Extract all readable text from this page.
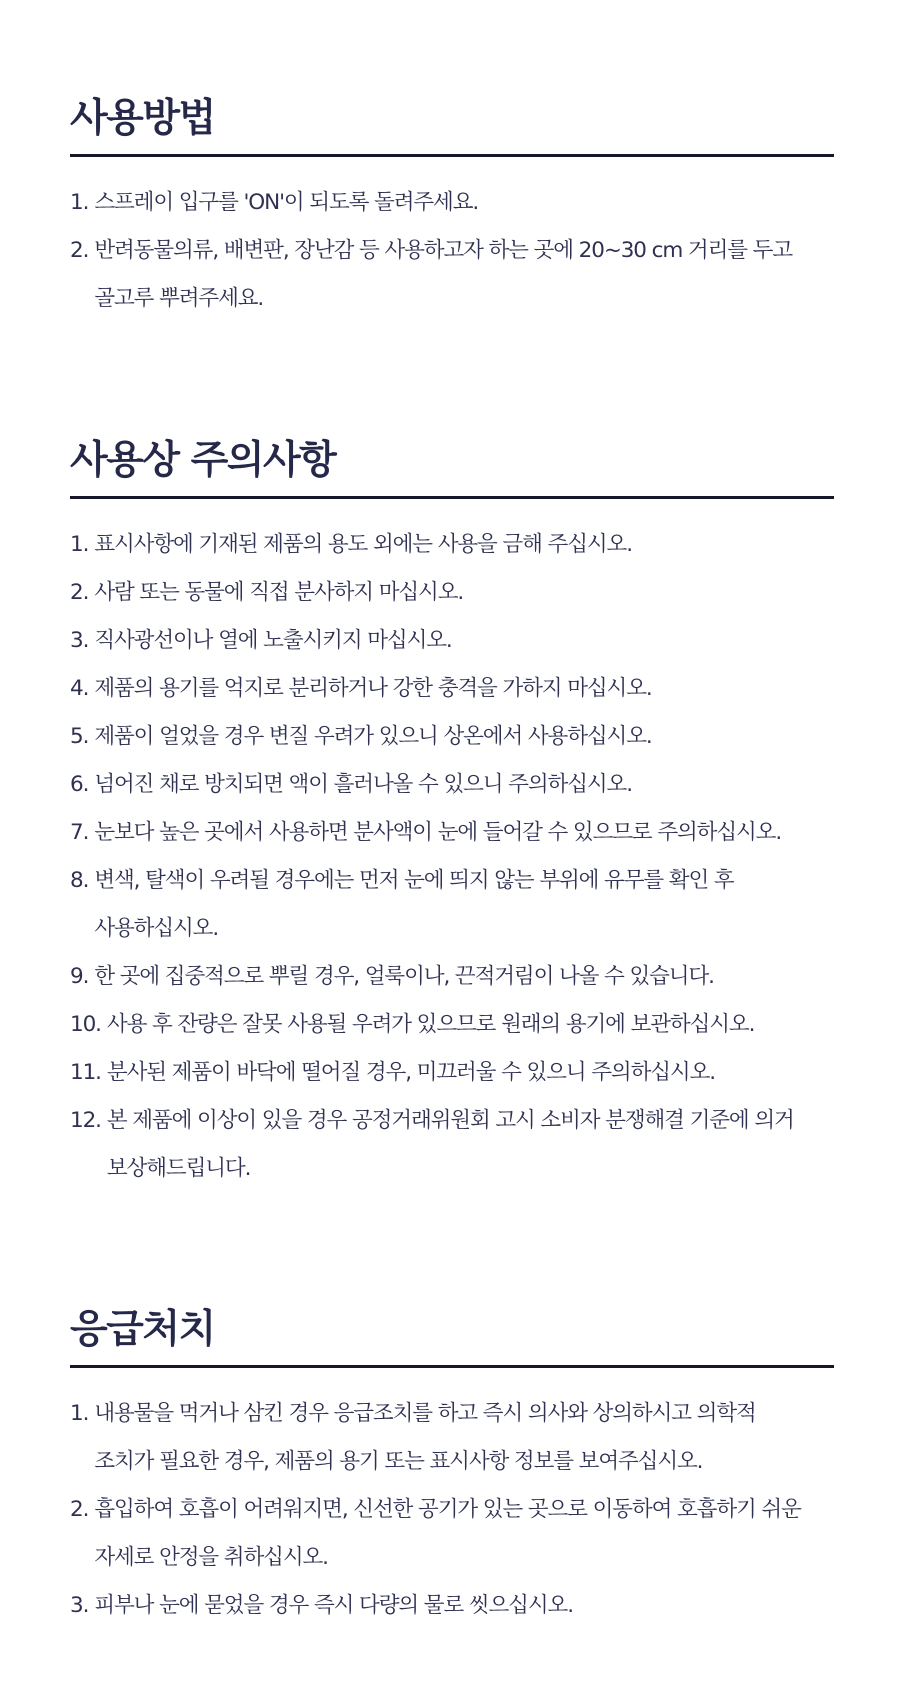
사용방법
1. 스프레이 입구를 'ON'이 되도록 돌려주세요.
2. 반려동물의류, 배변판, 장난감 등 사용하고자 하는 곳에 20~30 cm 거리를 두고
골고루 뿌려주세요.
사용상 주의사항
1. 표시사항에 기재된 제품의 용도 외에는 사용을 금해 주십시오.
2. 사람 또는 동물에 직접 분사하지 마십시오.
3. 직사광선이나 열에 노출시키지 마십시오.
4. 제품의 용기를 억지로 분리하거나 강한 충격을 가하지 마십시오.
5. 제품이 얼었을 경우 변질 우려가 있으니 상온에서 사용하십시오.
6. 넘어진 채로 방치되면 액이 흘러나올 수 있으니 주의하십시오.
7. 눈보다 높은 곳에서 사용하면 분사액이 눈에 들어갈 수 있으므로 주의하십시오.
8. 변색, 탈색이 우려될 경우에는 먼저 눈에 띄지 않는 부위에 유무를 확인 후
사용하십시오.
9. 한 곳에 집중적으로 뿌릴 경우, 얼룩이나, 끈적거림이 나올 수 있습니다.
10. 사용 후 잔량은 잘못 사용될 우려가 있으므로 원래의 용기에 보관하십시오.
11. 분사된 제품이 바닥에 떨어질 경우, 미끄러울 수 있으니 주의하십시오.
12. 본 제품에 이상이 있을 경우 공정거래위원회 고시 소비자 분쟁해결 기준에 의거
보상해드립니다.
응급처치
1. 내용물을 먹거나 삼킨 경우 응급조치를 하고 즉시 의사와 상의하시고 의학적
조치가 필요한 경우, 제품의 용기 또는 표시사항 정보를 보여주십시오.
2. 흡입하여 호흡이 어려워지면, 신선한 공기가 있는 곳으로 이동하여 호흡하기 쉬운
자세로 안정을 취하십시오.
3. 피부나 눈에 묻었을 경우 즉시 다량의 물로 씻으십시오.
